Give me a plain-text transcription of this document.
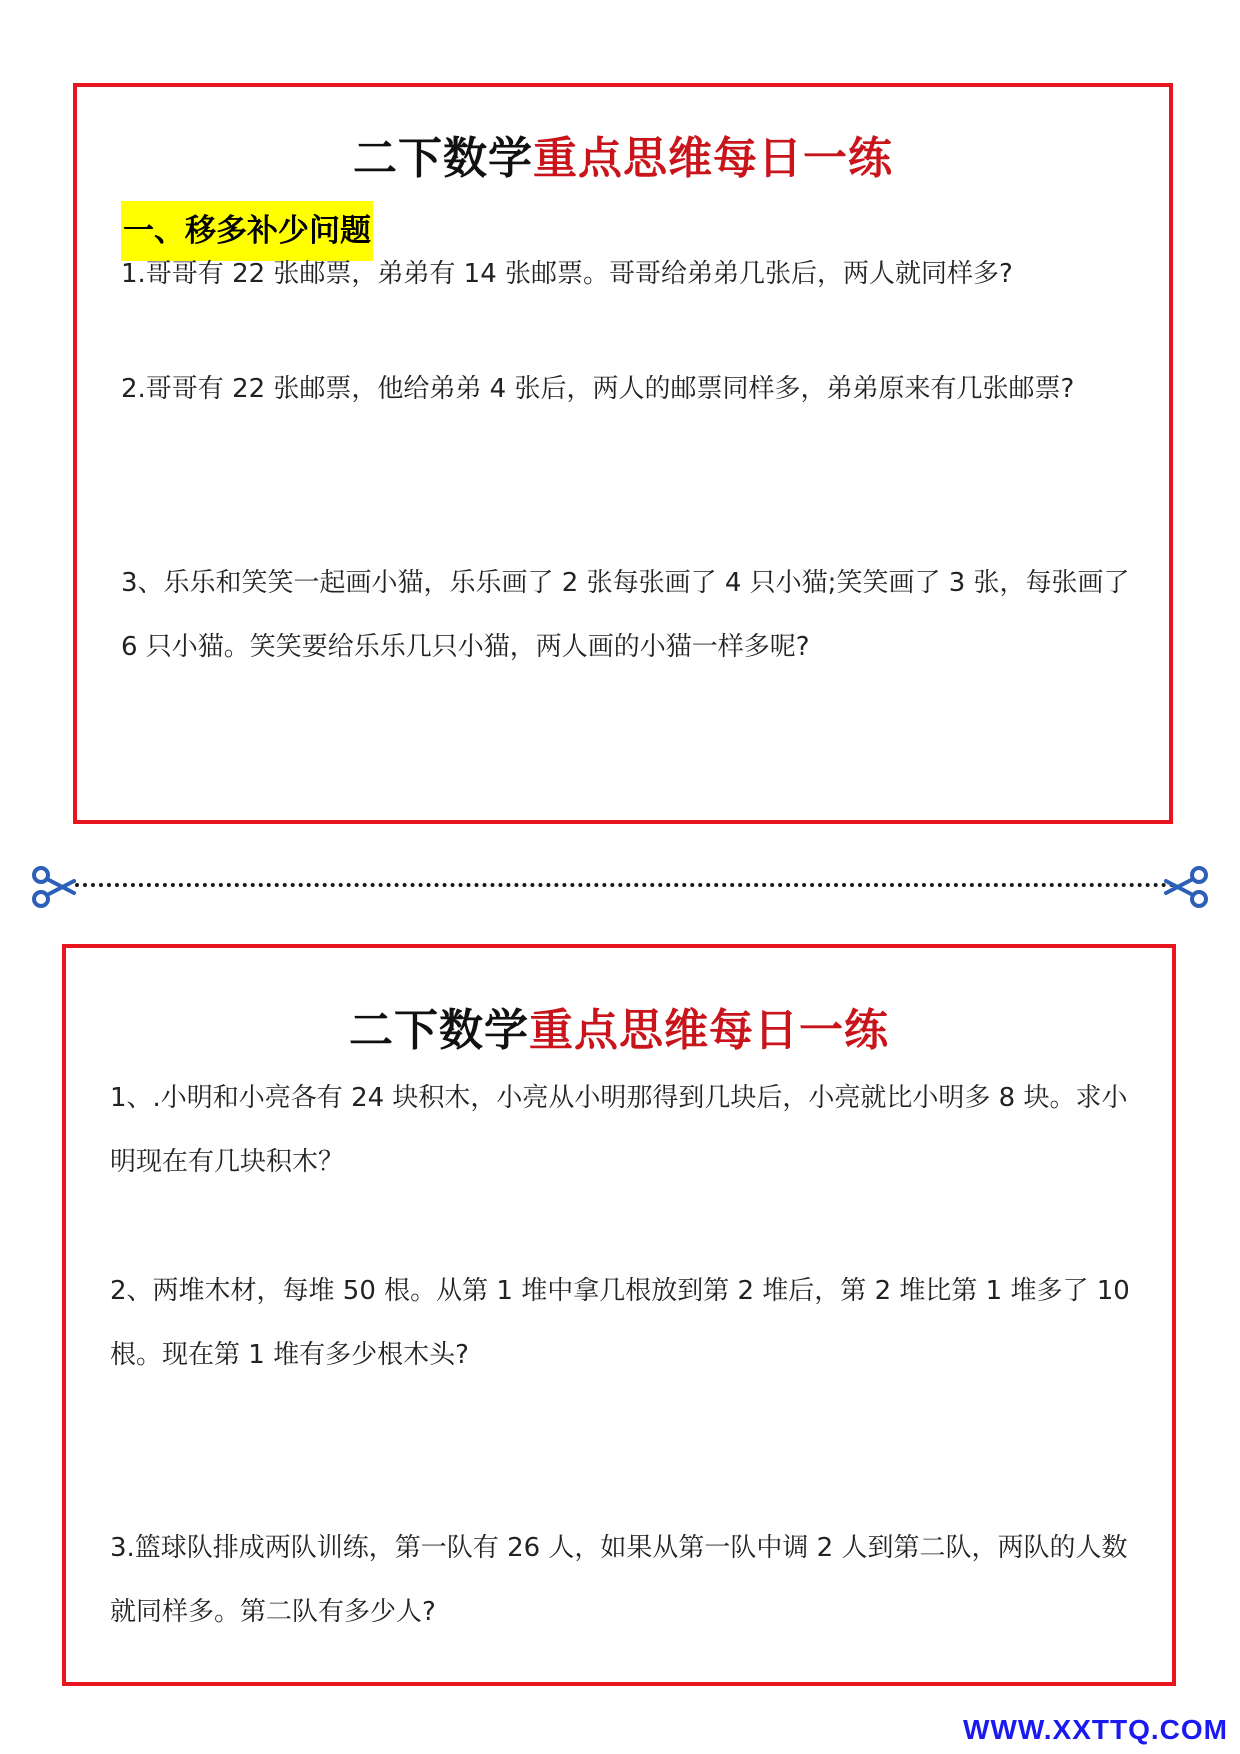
二下数学重点思维每日一练
一、移多补少问题
1.哥哥有 22 张邮票，弟弟有 14 张邮票。哥哥给弟弟几张后，两人就同样多?
2.哥哥有 22 张邮票，他给弟弟 4 张后，两人的邮票同样多，弟弟原来有几张邮票?
3、乐乐和笑笑一起画小猫，乐乐画了 2 张每张画了 4 只小猫;笑笑画了 3 张，每张画了 6 只小猫。笑笑要给乐乐几只小猫，两人画的小猫一样多呢?
二下数学重点思维每日一练
1、.小明和小亮各有 24 块积木，小亮从小明那得到几块后，小亮就比小明多 8 块。求小明现在有几块积木？
2、两堆木材，每堆 50 根。从第 1 堆中拿几根放到第 2 堆后，第 2 堆比第 1 堆多了 10 根。现在第 1 堆有多少根木头?
3.篮球队排成两队训练，第一队有 26 人，如果从第一队中调 2 人到第二队，两队的人数就同样多。第二队有多少人?
WWW.XXTTQ.COM
